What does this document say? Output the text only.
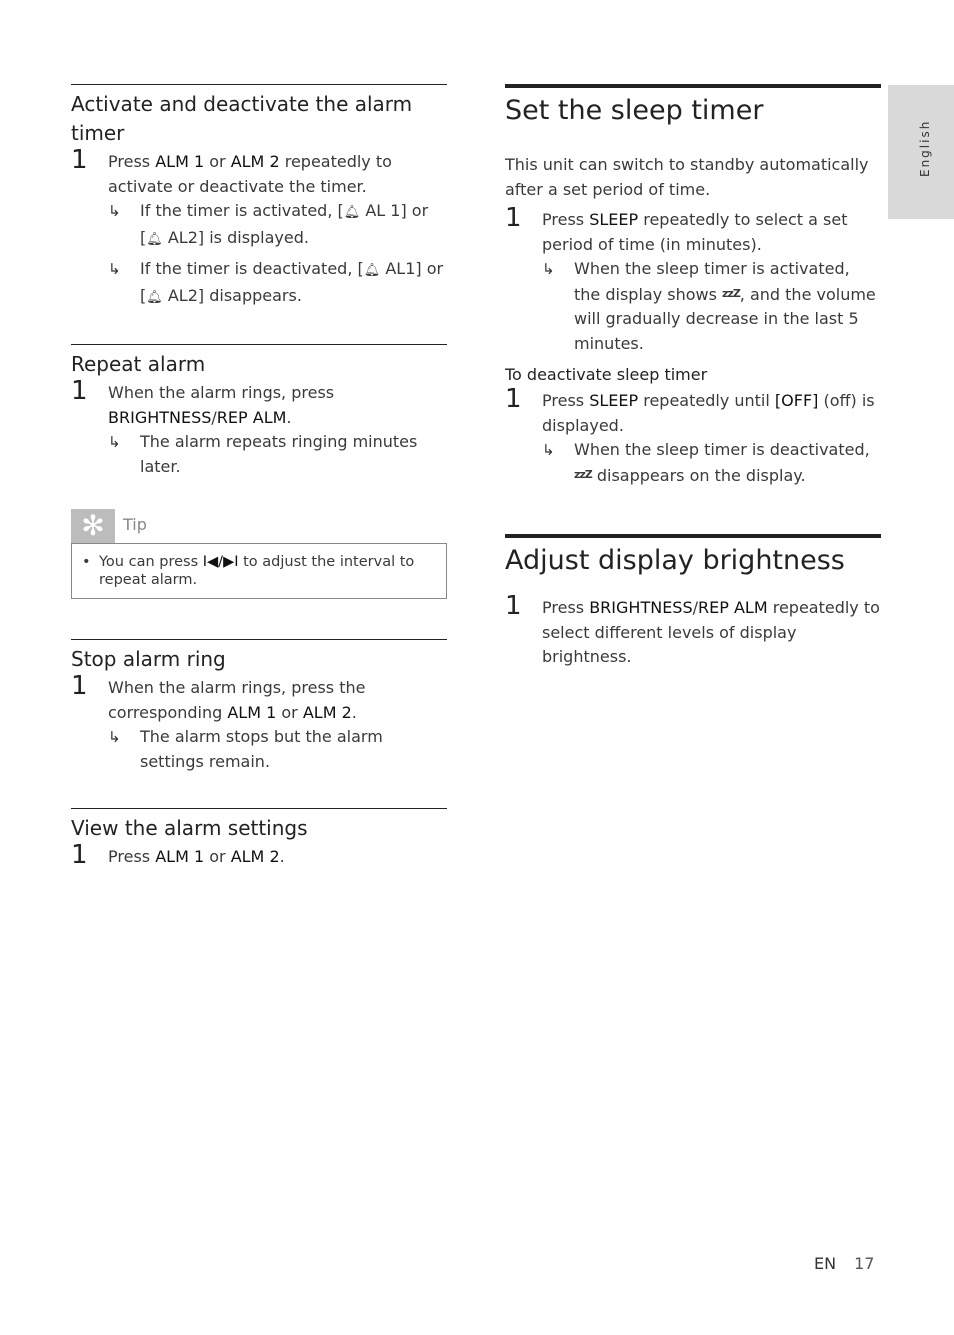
Activate and deactivate the alarm timer
1 Press ALM 1 or ALM 2 repeatedly to activate or deactivate the timer.
↳ If the timer is activated, [🔔︎ AL 1] or [🔔︎ AL2] is displayed.
↳ If the timer is deactivated, [🔔︎ AL1] or [🔔︎ AL2] disappears.
Repeat alarm
1 When the alarm rings, press BRIGHTNESS/REP ALM.
↳ The alarm repeats ringing minutes later.
✻	Tip
• You can press I◀/▶I to adjust the interval to repeat alarm.
Stop alarm ring
1 When the alarm rings, press the corresponding ALM 1 or ALM 2.
↳ The alarm stops but the alarm settings remain.
View the alarm settings
1 Press ALM 1 or ALM 2.
Set the sleep timer

This unit can switch to standby automatically after a set period of time.

1 Press SLEEP repeatedly to select a set period of time (in minutes).
↳ When the sleep timer is activated, the display shows zzZ, and the volume will gradually decrease in the last 5 minutes.
To deactivate sleep timer
1 Press SLEEP repeatedly until [OFF] (off) is displayed.
↳ When the sleep timer is deactivated, zzZ disappears on the display.
Adjust display brightness
1 Press BRIGHTNESS/REP ALM repeatedly to select different levels of display brightness.
English
EN 17
